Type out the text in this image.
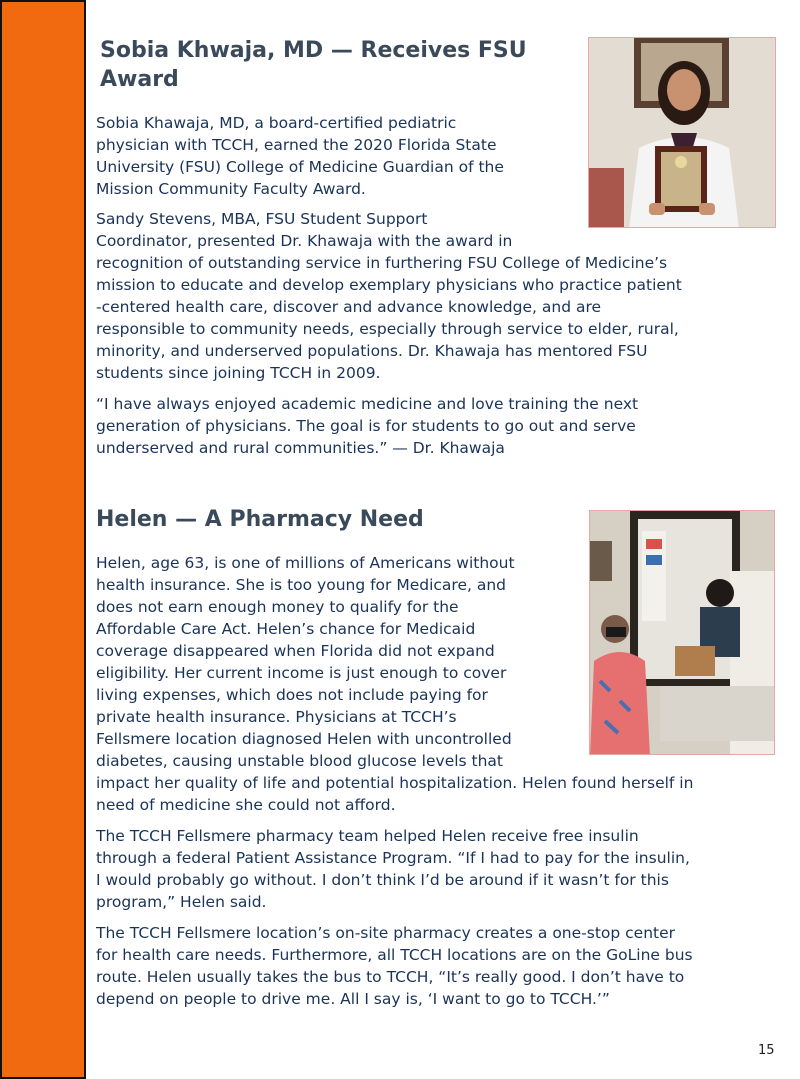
Sobia Khwaja, MD — Receives FSU Award

Sobia Khawaja, MD, a board-certified pediatric

physician with TCCH, earned the 2020 Florida State

University (FSU) College of Medicine Guardian of the

Mission Community Faculty Award.

Sandy Stevens, MBA, FSU Student Support

Coordinator, presented Dr. Khawaja with the award in

recognition of outstanding service in furthering FSU College of Medicine’s

mission to educate and develop exemplary physicians who practice patient

-centered health care, discover and advance knowledge, and are

responsible to community needs, especially through service to elder, rural,

minority, and underserved populations. Dr. Khawaja has mentored FSU

students since joining TCCH in 2009.

“I have always enjoyed academic medicine and love training the next

generation of physicians. The goal is for students to go out and serve

underserved and rural communities.” — Dr. Khawaja

Helen — A Pharmacy Need

Helen, age 63, is one of millions of Americans without

health insurance. She is too young for Medicare, and

does not earn enough money to qualify for the

Affordable Care Act. Helen’s chance for Medicaid

coverage disappeared when Florida did not expand

eligibility. Her current income is just enough to cover

living expenses, which does not include paying for

private health insurance. Physicians at TCCH’s

Fellsmere location diagnosed Helen with uncontrolled

diabetes, causing unstable blood glucose levels that

impact her quality of life and potential hospitalization. Helen found herself in

need of medicine she could not afford.

The TCCH Fellsmere pharmacy team helped Helen receive free insulin

through a federal Patient Assistance Program. “If I had to pay for the insulin,

I would probably go without. I don’t think I’d be around if it wasn’t for this

program,” Helen said.

The TCCH Fellsmere location’s on-site pharmacy creates a one-stop center

for health care needs. Furthermore, all TCCH locations are on the GoLine bus

route. Helen usually takes the bus to TCCH, “It’s really good. I don’t have to

depend on people to drive me. All I say is, ‘I want to go to TCCH.’”

15
